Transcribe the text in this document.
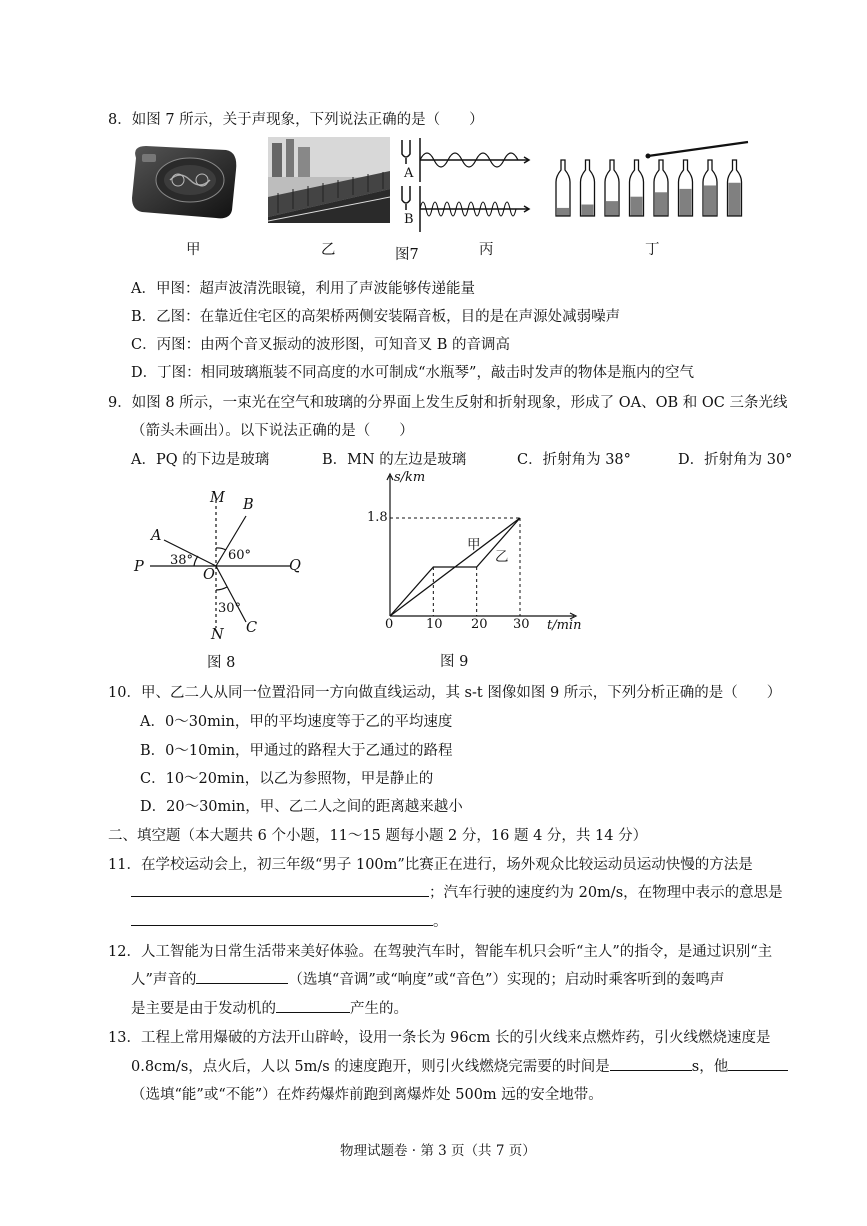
8．如图 7 所示，关于声现象，下列说法正确的是（　　）
甲	乙	图7
A
B
丙	丁
A．甲图：超声波清洗眼镜，利用了声波能够传递能量
B．乙图：在靠近住宅区的高架桥两侧安装隔音板，目的是在声源处减弱噪声
C．丙图：由两个音叉振动的波形图，可知音叉 B 的音调高
D．丁图：相同玻璃瓶装不同高度的水可制成“水瓶琴”，敲击时发声的物体是瓶内的空气
9．如图 8 所示，一束光在空气和玻璃的分界面上发生反射和折射现象，形成了 OA、OB 和 OC 三条光线
（箭头未画出）。以下说法正确的是（　　）
A．PQ 的下边是玻璃	B．MN 的左边是玻璃	C．折射角为 38°	D．折射角为 30°
M B
A
38°	60°
P	Q
O
30°
C
N
图 8
s/km
1.8
甲
乙
0	10 20 30 t/min
图 9
10．甲、乙二人从同一位置沿同一方向做直线运动，其 s-t 图像如图 9 所示，下列分析正确的是（　　）
A．0～30min，甲的平均速度等于乙的平均速度
B．0～10min，甲通过的路程大于乙通过的路程
C．10～20min，以乙为参照物，甲是静止的
D．20～30min，甲、乙二人之间的距离越来越小
二、填空题（本大题共 6 个小题，11～15 题每小题 2 分，16 题 4 分，共 14 分）
11．在学校运动会上，初三年级“男子 100m”比赛正在进行，场外观众比较运动员运动快慢的方法是
；汽车行驶的速度约为 20m/s，在物理中表示的意思是
。
12．人工智能为日常生活带来美好体验。在驾驶汽车时，智能车机只会听“主人”的指令，是通过识别“主
人”声音的	（选填“音调”或“响度”或“音色”）实现的；启动时乘客听到的轰鸣声
是主要是由于发动机的	产生的。
13．工程上常用爆破的方法开山辟岭，设用一条长为 96cm 长的引火线来点燃炸药，引火线燃烧速度是
0.8cm/s，点火后，人以 5m/s 的速度跑开，则引火线燃烧完需要的时间是	s，他
（选填“能”或“不能”）在炸药爆炸前跑到离爆炸处 500m 远的安全地带。
物理试题卷 · 第 3 页（共 7 页）
